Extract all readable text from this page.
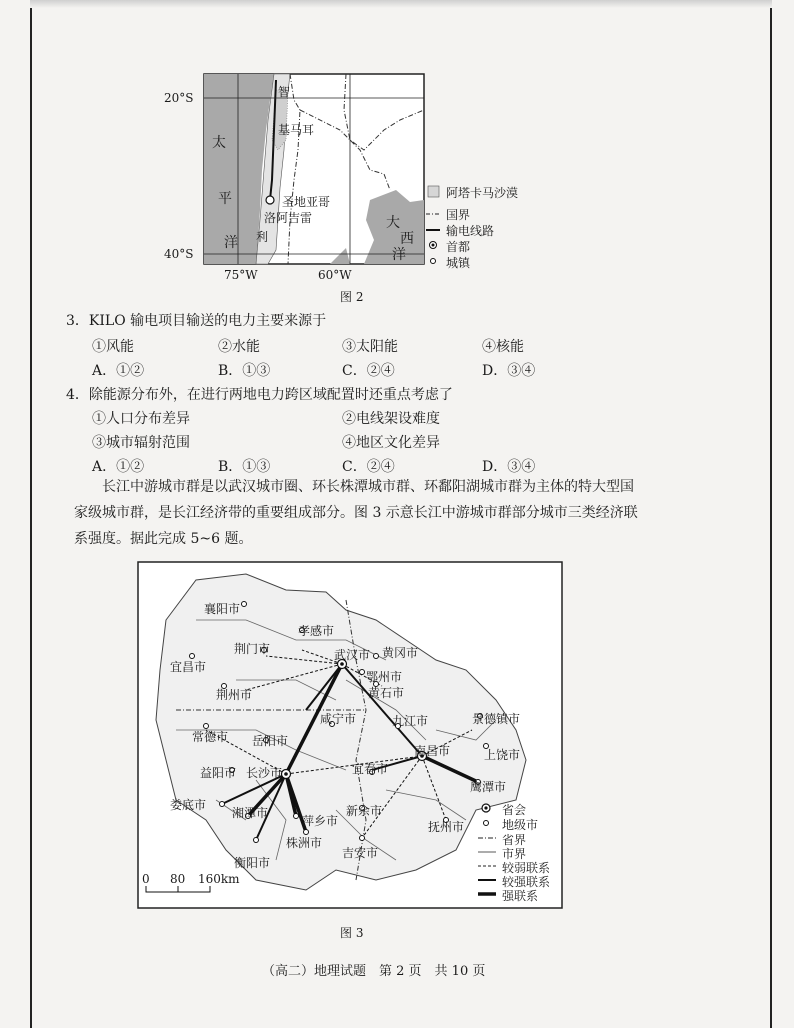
20°S
40°S
75°W	60°W
智
基马耳
圣地亚哥
洛阿吉雷
太
平
洋 利
大
西
洋
阿塔卡马沙漠
国界
输电线路
首都
城镇
图 2
3．KILO 输电项目输送的电力主要来源于
①风能	②水能	③太阳能	④核能
A．①②	B．①③	C．②④	D．③④
4．除能源分布外，在进行两地电力跨区域配置时还重点考虑了
①人口分布差异	②电线架设难度
③城市辐射范围	④地区文化差异
A．①②	B．①③	C．②④	D．③④
长江中游城市群是以武汉城市圈、环长株潭城市群、环鄱阳湖城市群为主体的特大型国家级城市群，是长江经济带的重要组成部分。图 3 示意长江中游城市群部分城市三类经济联系强度。据此完成 5~6 题。
襄阳市
孝感市
荆门市	武汉市 黄冈市
宜昌市
鄂州市
荆州市	黄石市
咸宁市	九江市	景德镇市
常德市 岳阳市
南昌市	上饶市
益阳市 长沙市	宜春市
鹰潭市
娄底市
湘潭市	新余市
萍乡市
株洲市
抚州市
吉安市
衡阳市
省会
地级市
省界
市界
较弱联系
较强联系
强联系
0 80 160km
图 3
（高二）地理试题　第 2 页　共 10 页
